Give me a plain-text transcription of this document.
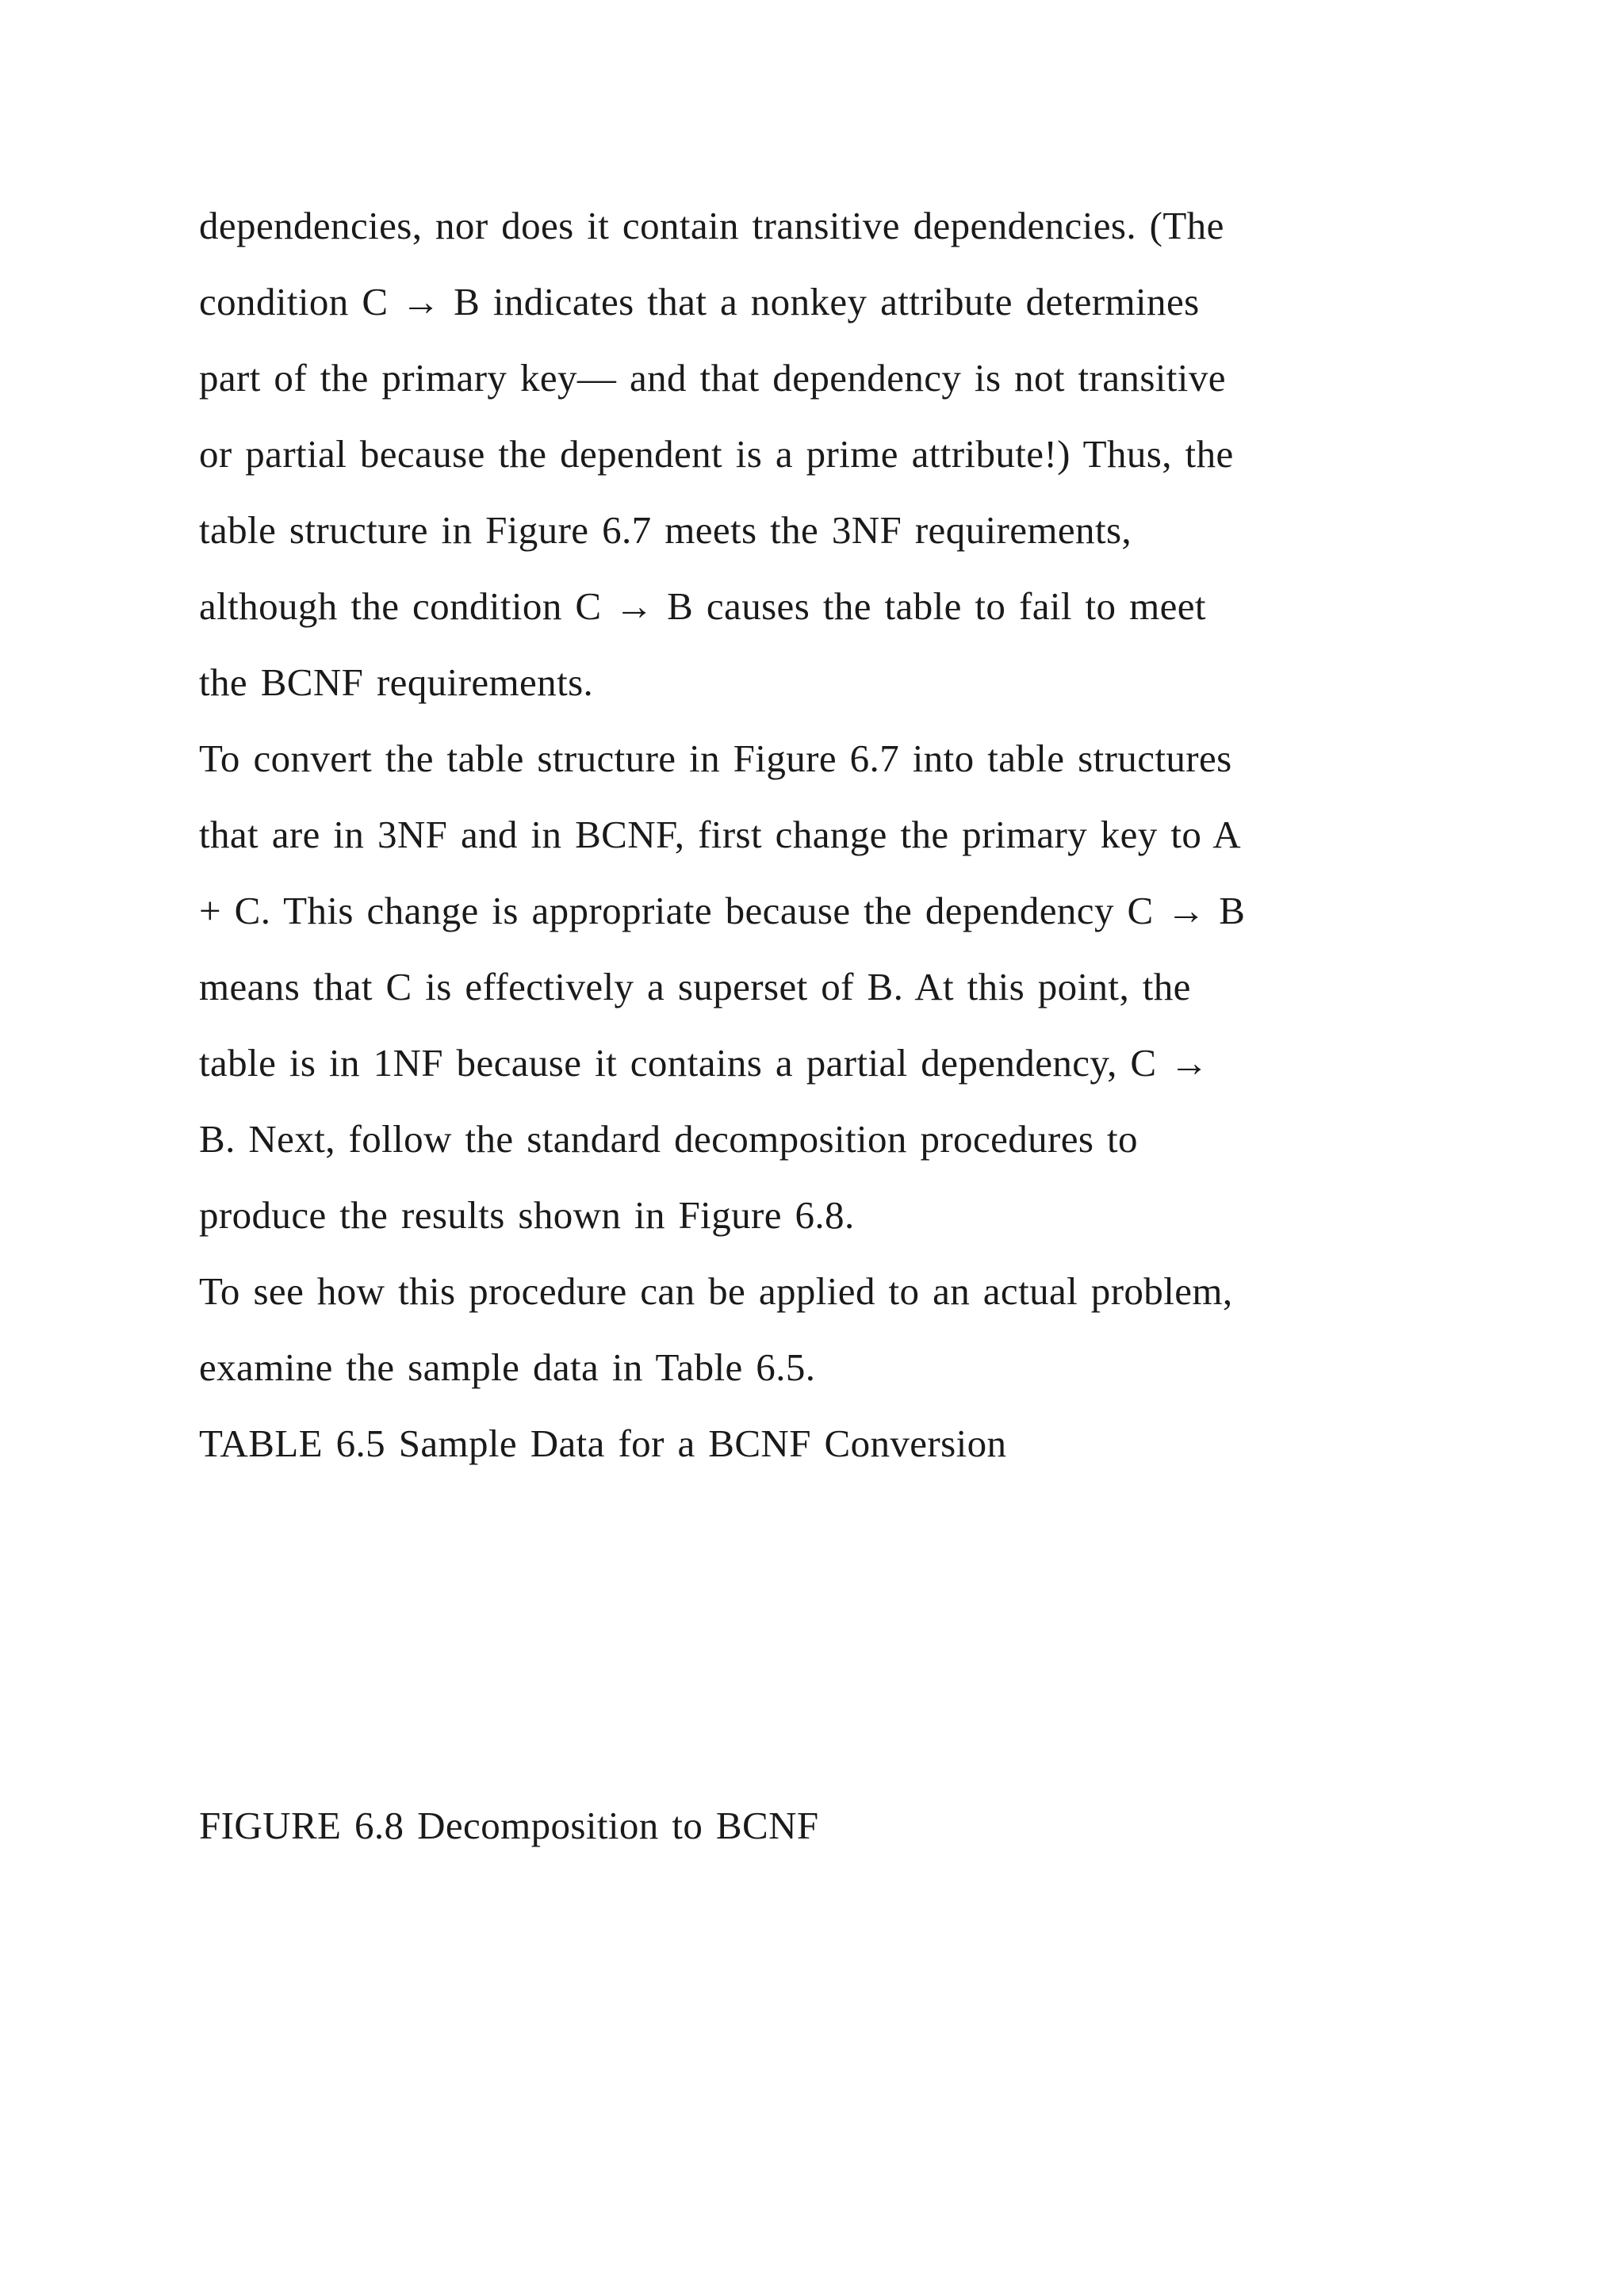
dependencies, nor does it contain transitive dependencies. (The
condition C → B indicates that a nonkey attribute determines
part of the primary key— and that dependency is not transitive
or partial because the dependent is a prime attribute!) Thus, the
table structure in Figure 6.7 meets the 3NF requirements,
although the condition C → B causes the table to fail to meet
the BCNF requirements.
To convert the table structure in Figure 6.7 into table structures
that are in 3NF and in BCNF, first change the primary key to A
+ C. This change is appropriate because the dependency C → B
means that C is effectively a superset of B. At this point, the
table is in 1NF because it contains a partial dependency, C →
B. Next, follow the standard decomposition procedures to
produce the results shown in Figure 6.8.
To see how this procedure can be applied to an actual problem,
examine the sample data in Table 6.5.
TABLE 6.5 Sample Data for a BCNF Conversion
FIGURE 6.8 Decomposition to BCNF
